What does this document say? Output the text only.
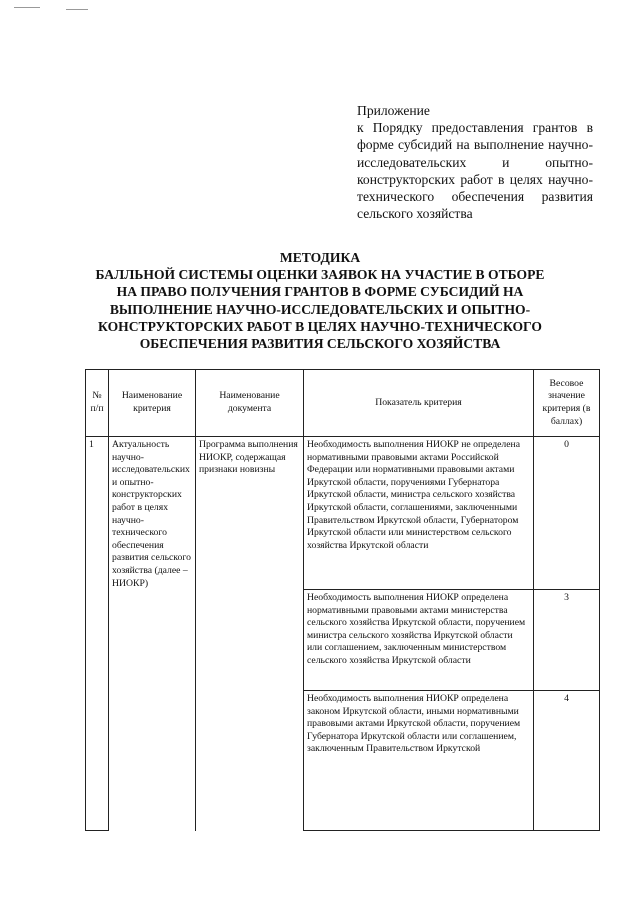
Приложение
к Порядку предоставления грантов в форме субсидий на выполнение научно-исследовательских и опытно-конструкторских работ в целях научно-технического обеспечения развития сельского хозяйства
МЕТОДИКА
БАЛЛЬНОЙ СИСТЕМЫ ОЦЕНКИ ЗАЯВОК НА УЧАСТИЕ В ОТБОРЕ
НА ПРАВО ПОЛУЧЕНИЯ ГРАНТОВ В ФОРМЕ СУБСИДИЙ НА
ВЫПОЛНЕНИЕ НАУЧНО-ИССЛЕДОВАТЕЛЬСКИХ И ОПЫТНО-
КОНСТРУКТОРСКИХ РАБОТ В ЦЕЛЯХ НАУЧНО-ТЕХНИЧЕСКОГО
ОБЕСПЕЧЕНИЯ РАЗВИТИЯ СЕЛЬСКОГО ХОЗЯЙСТВА
№ п/п	Наименование критерия	Наименование документа	Показатель критерия	Весовое значение критерия (в баллах)
1	Актуальность научно-исследовательских и опытно-конструкторских работ в целях научно-технического обеспечения развития сельского хозяйства (далее – НИОКР)	Программа выполнения НИОКР, содержащая признаки новизны	Необходимость выполнения НИОКР не определена нормативными правовыми актами Российской Федерации или нормативными правовыми актами Иркутской области, поручениями Губернатора Иркутской области, министра сельского хозяйства Иркутской области, соглашениями, заключенными Правительством Иркутской области, Губернатором Иркутской области или министерством сельского хозяйства Иркутской области	0
			Необходимость выполнения НИОКР определена нормативными правовыми актами министерства сельского хозяйства Иркутской области, поручением министра сельского хозяйства Иркутской области или соглашением, заключенным министерством сельского хозяйства Иркутской области	3
			Необходимость выполнения НИОКР определена законом Иркутской области, иными нормативными правовыми актами Иркутской области, поручением Губернатора Иркутской области или соглашением, заключенным Правительством Иркутской	4
